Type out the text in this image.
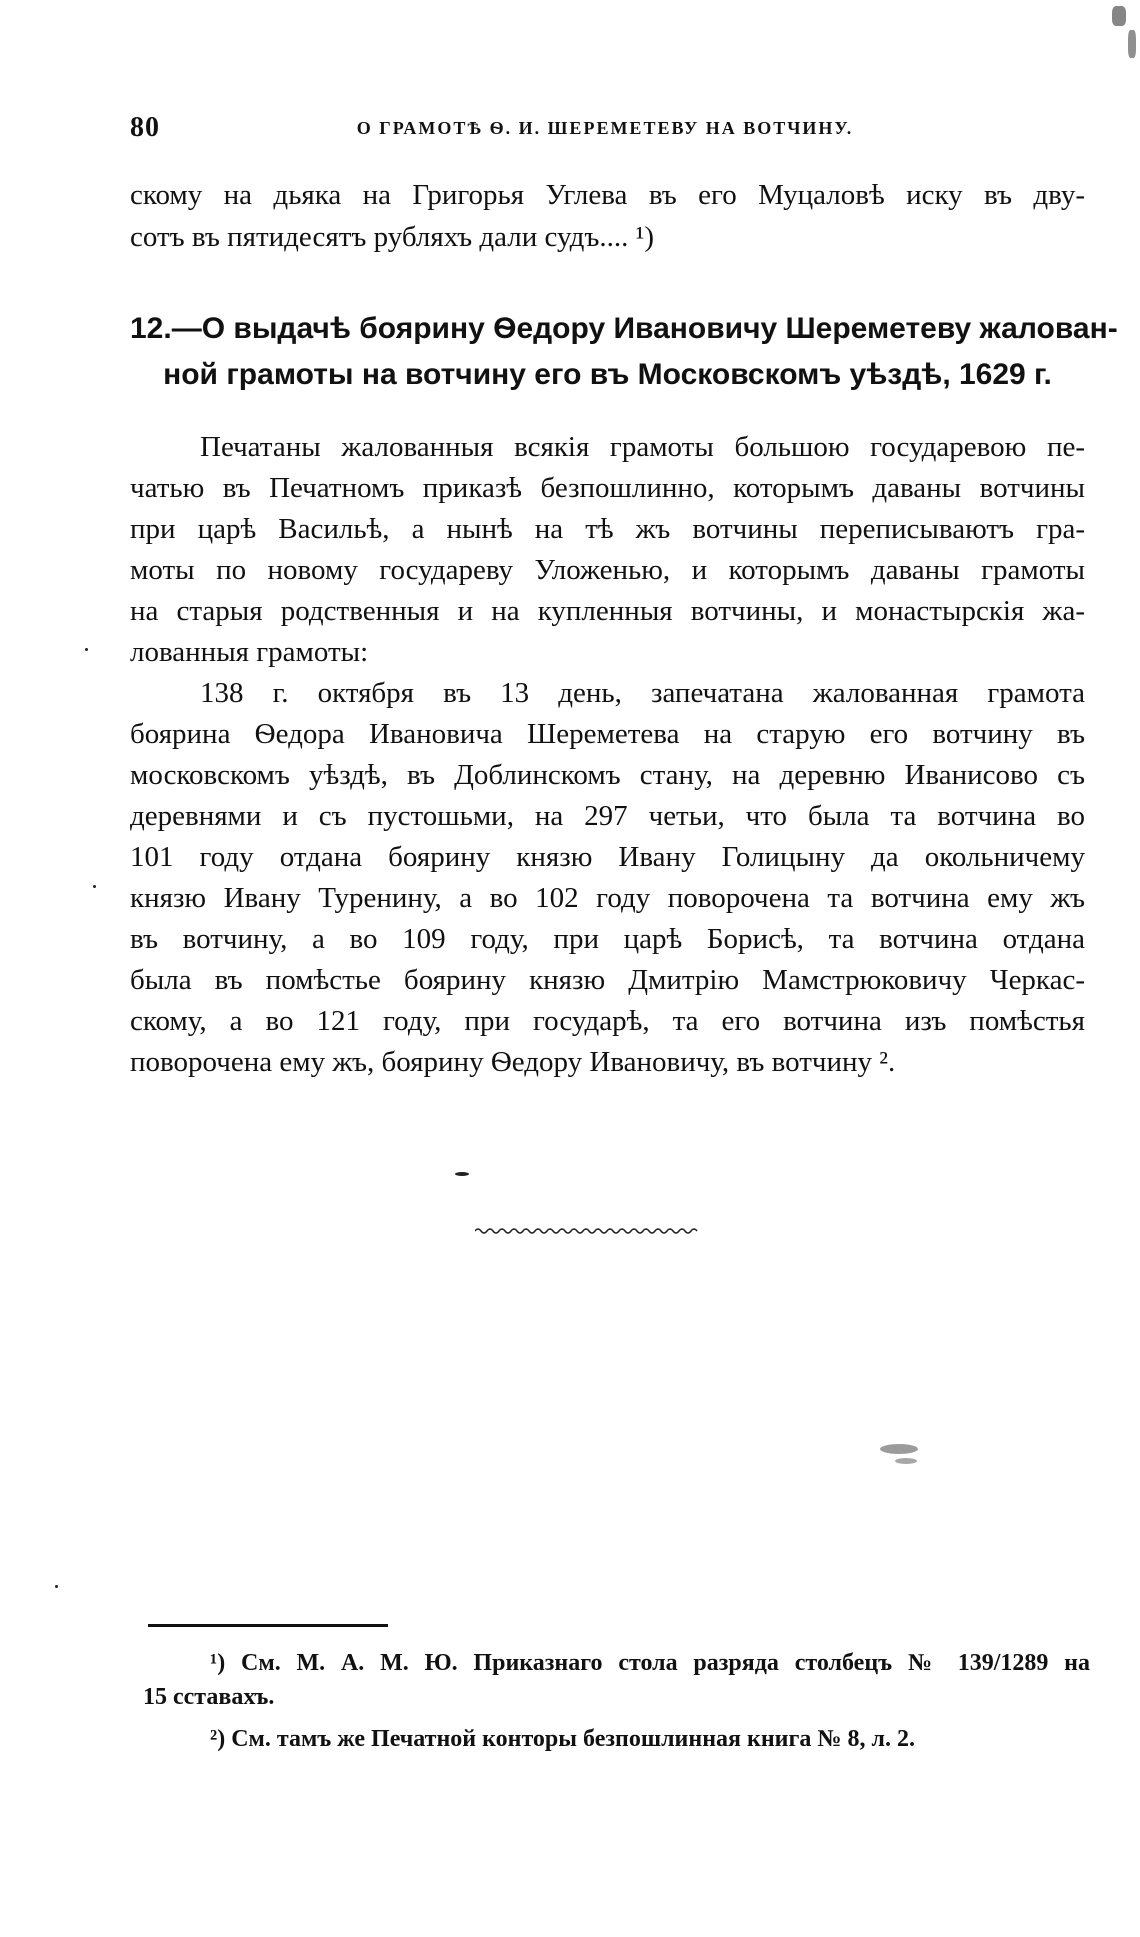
80	О ГРАМОТѢ Ѳ. И. ШЕРЕМЕТЕВУ НА ВОТЧИНУ.
скому на дьяка на Григорья Углева въ его Муцаловѣ иску въ дву-
сотъ въ пятидесятъ рубляхъ дали судъ.... ¹)
12.—О выдачѣ боярину Ѳедору Ивановичу Шереметеву жалован-
ной грамоты на вотчину его въ Московскомъ уѣздѣ, 1629 г.
Печатаны жалованныя всякія грамоты большою государевою пе-
чатью въ Печатномъ приказѣ безпошлинно, которымъ даваны вотчины
при царѣ Васильѣ, а нынѣ на тѣ жъ вотчины переписываютъ гра-
моты по новому государеву Уложенью, и которымъ даваны грамоты
на старыя родственныя и на купленныя вотчины, и монастырскія жа-
лованныя грамоты:
138 г. октября въ 13 день, запечатана жалованная грамота
боярина Ѳедора Ивановича Шереметева на старую его вотчину въ
московскомъ уѣздѣ, въ Доблинскомъ стану, на деревню Иванисово съ
деревнями и съ пустошьми, на 297 четьи, что была та вотчина во
101 году отдана боярину князю Ивану Голицыну да окольничему
князю Ивану Туренину, а во 102 году поворочена та вотчина ему жъ
въ вотчину, а во 109 году, при царѣ Борисѣ, та вотчина отдана
была въ помѣстье боярину князю Дмитрію Мамстрюковичу Черкас-
скому, а во 121 году, при государѣ, та его вотчина изъ помѣстья
поворочена ему жъ, боярину Ѳедору Ивановичу, въ вотчину ².
¹) См. М. А. М. Ю. Приказнаго стола разряда столбецъ № 139/1289 на
15 сставахъ.
²) См. тамъ же Печатной конторы безпошлинная книга № 8, л. 2.
